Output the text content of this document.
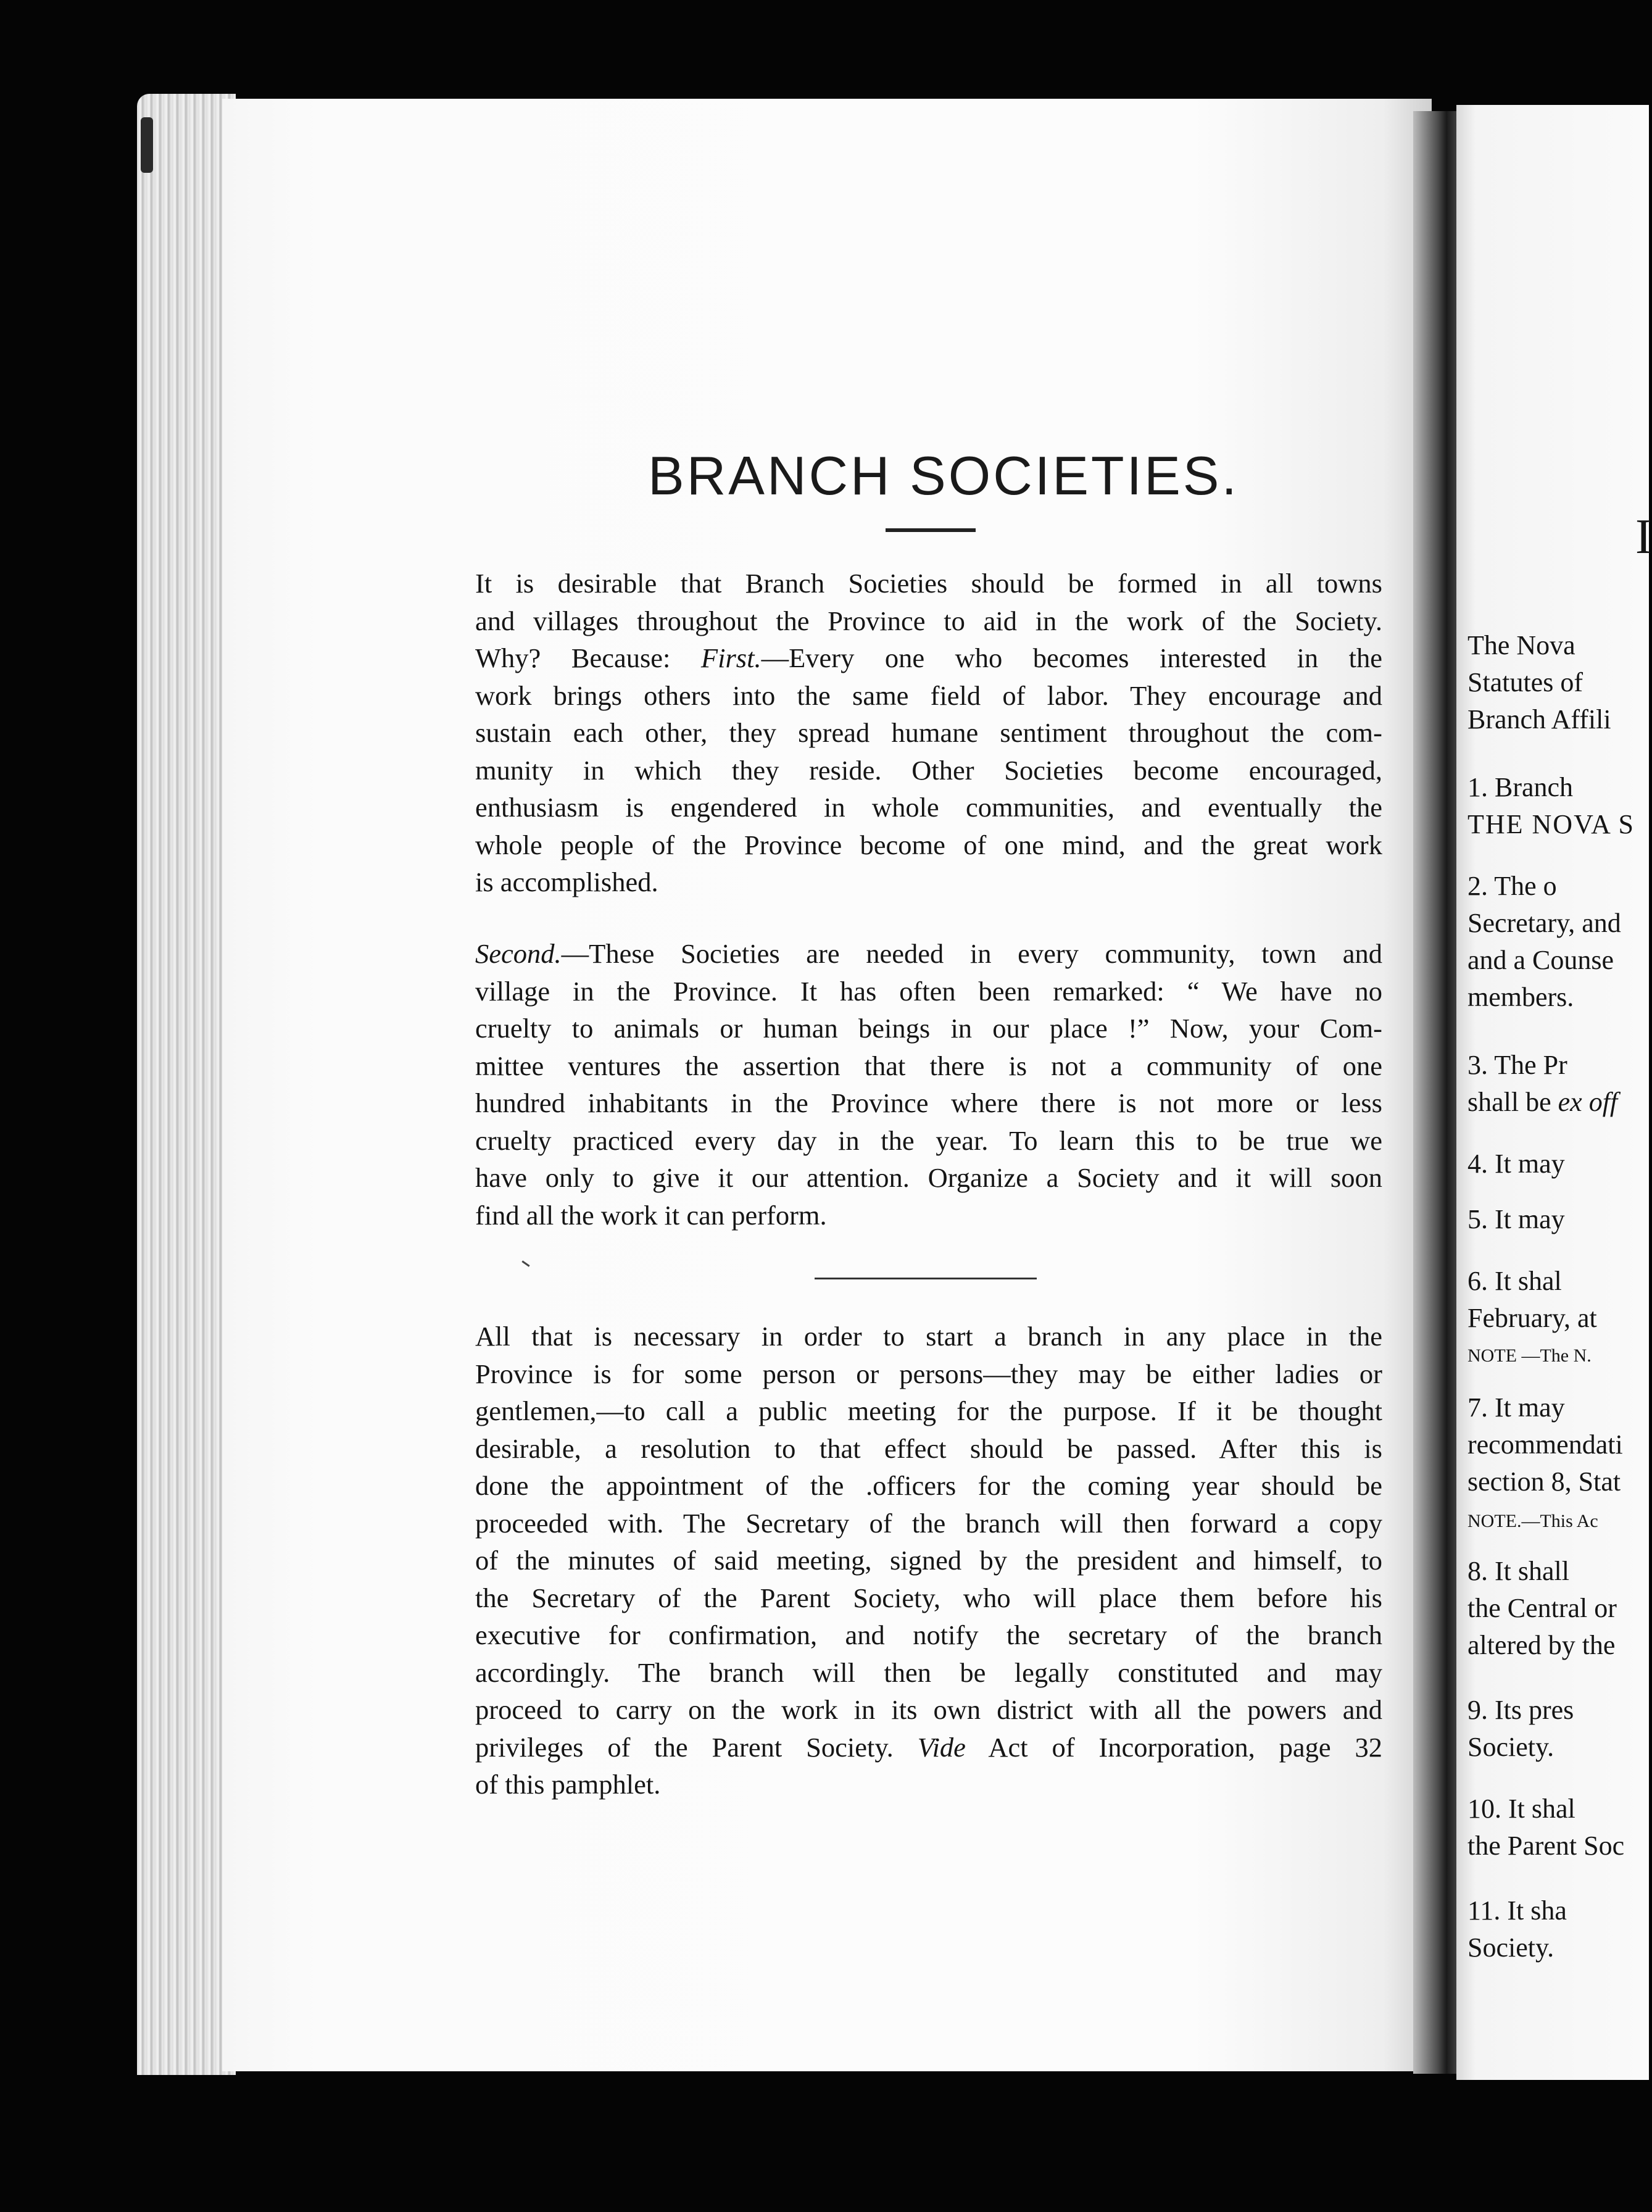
BRANCH SOCIETIES.
It is desirable that Branch Societies should be formed in all towns
and villages throughout the Province to aid in the work of the Society.
Why? Because: First.—Every one who becomes interested in the
work brings others into the same field of labor. They encourage and
sustain each other, they spread humane sentiment throughout the com-
munity in which they reside. Other Societies become encouraged,
enthusiasm is engendered in whole communities, and eventually the
whole people of the Province become of one mind, and the great work
is accomplished.
Second.—These Societies are needed in every community, town and
village in the Province. It has often been remarked: “ We have no
cruelty to animals or human beings in our place !” Now, your Com-
mittee ventures the assertion that there is not a community of one
hundred inhabitants in the Province where there is not more or less
cruelty practiced every day in the year. To learn this to be true we
have only to give it our attention. Organize a Society and it will soon
find all the work it can perform.
All that is necessary in order to start a branch in any place in the
Province is for some person or persons—they may be either ladies or
gentlemen,—to call a public meeting for the purpose. If it be thought
desirable, a resolution to that effect should be passed. After this is
done the appointment of the .officers for the coming year should be
proceeded with. The Secretary of the branch will then forward a copy
of the minutes of said meeting, signed by the president and himself, to
the Secretary of the Parent Society, who will place them before his
executive for confirmation, and notify the secretary of the branch
accordingly. The branch will then be legally constituted and may
proceed to carry on the work in its own district with all the powers and
privileges of the Parent Society. Vide Act of Incorporation, page 32
of this pamphlet.
I
The Nova
Statutes of
Branch Affili
1. Branch
THE NOVA S
2. The o
Secretary, and
and a Counse
members.
3. The Pr
shall be ex off
4. It may
5. It may
6. It shal
February, at
NOTE —The N.
7. It may
recommendati
section 8, Stat
NOTE.—This Ac
8. It shall
the Central or
altered by the
9. Its pres
Society.
10. It shal
the Parent Soc
11. It sha
Society.
